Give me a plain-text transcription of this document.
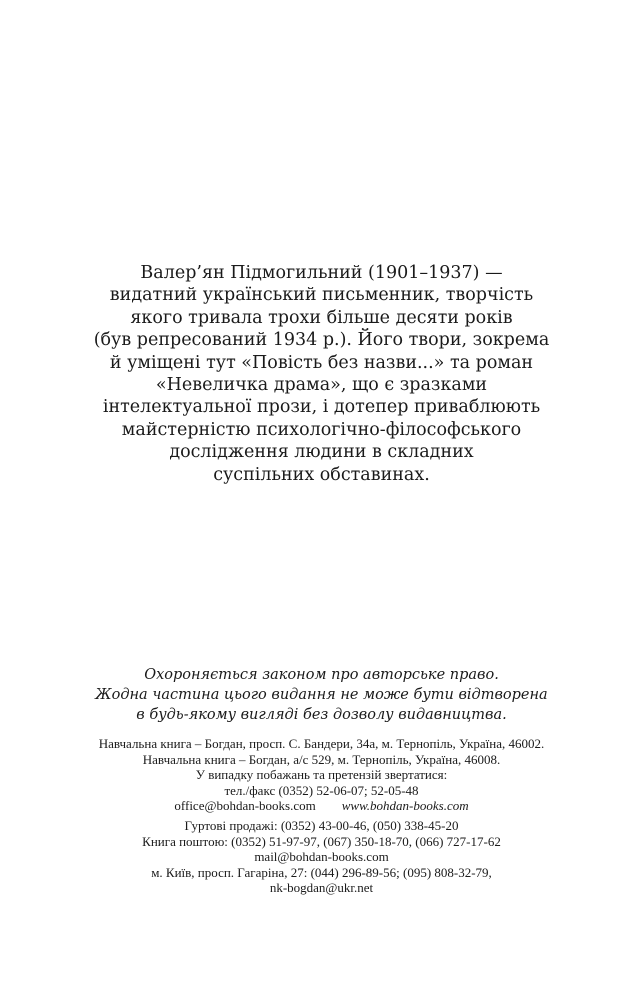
Валер’ян Підмогильний (1901–1937) —
видатний український письменник, творчість
якого тривала трохи більше десяти років
(був репресований 1934 р.). Його твори, зокрема
й уміщені тут «Повість без назви...» та роман
«Невеличка драма», що є зразками
інтелектуальної прози, і дотепер приваблюють
майстерністю психологічно-філософського
дослідження людини в складних
суспільних обставинах.
Охороняється законом про авторське право.
Жодна частина цього видання не може бути відтворена
в будь-якому вигляді без дозволу видавництва.
Навчальна книга – Богдан, просп. С. Бандери, 34а, м. Тернопіль, Україна, 46002.
Навчальна книга – Богдан, а/с 529, м. Тернопіль, Україна, 46008.
У випадку побажань та претензій звертатися:
тел./факс (0352) 52-06-07; 52-05-48
office@bohdan-books.com www.bohdan-books.com
Гуртові продажі: (0352) 43-00-46, (050) 338-45-20
Книга поштою: (0352) 51-97-97, (067) 350-18-70, (066) 727-17-62
mail@bohdan-books.com
м. Київ, просп. Гагаріна, 27: (044) 296-89-56; (095) 808-32-79,
nk-bogdan@ukr.net
